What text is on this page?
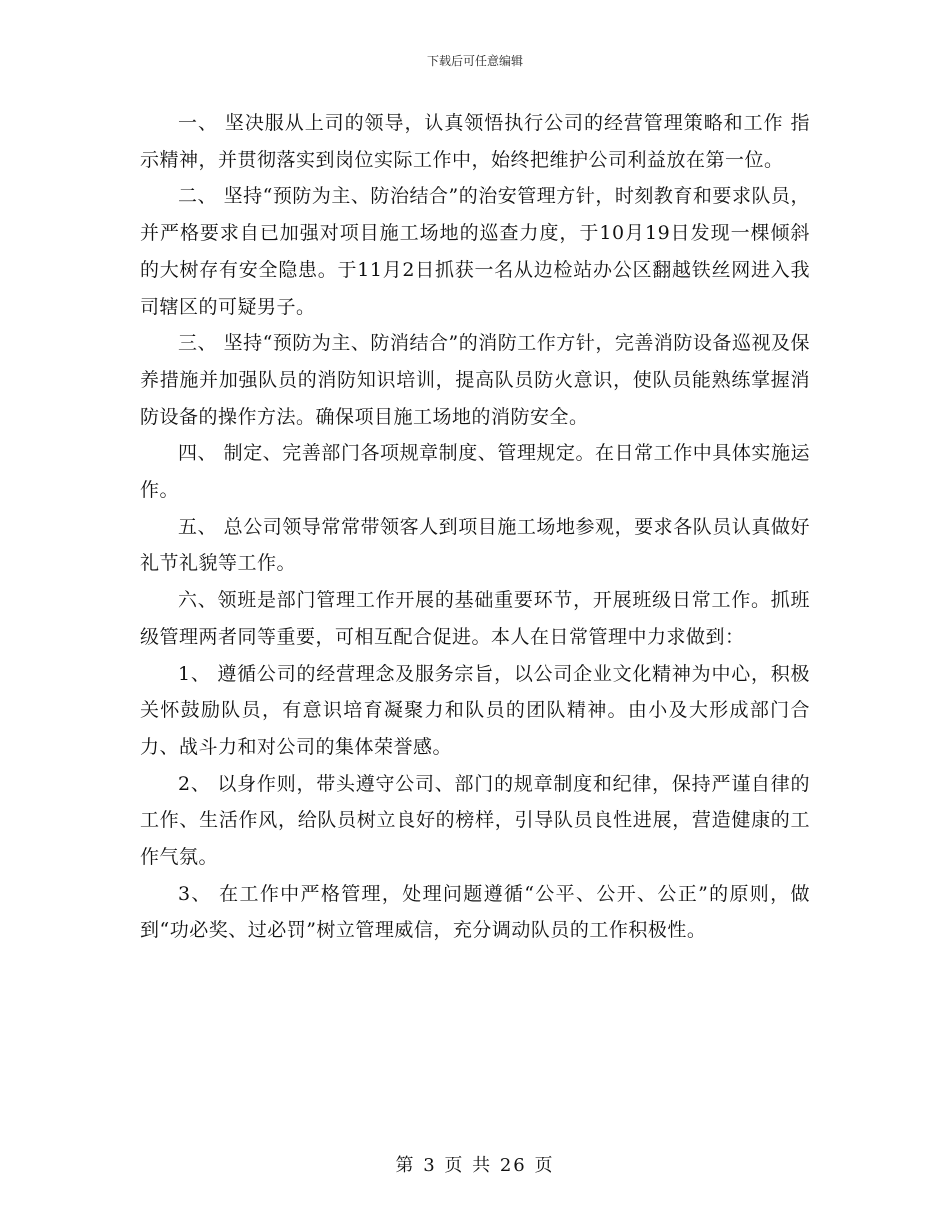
下载后可任意编辑

一、 坚决服从上司的领导，认真领悟执行公司的经营管理策略和工作 指示精神，并贯彻落实到岗位实际工作中，始终把维护公司利益放在第一位。

二、 坚持“预防为主、防治结合”的治安管理方针，时刻教育和要求队员，并严格要求自已加强对项目施工场地的巡查力度，于10月19日发现一棵倾斜的大树存有安全隐患。于11月2日抓获一名从边检站办公区翻越铁丝网进入我司辖区的可疑男子。

三、 坚持“预防为主、防消结合”的消防工作方针，完善消防设备巡视及保养措施并加强队员的消防知识培训，提高队员防火意识，使队员能熟练掌握消防设备的操作方法。确保项目施工场地的消防安全。

四、 制定、完善部门各项规章制度、管理规定。在日常工作中具体实施运作。

五、 总公司领导常常带领客人到项目施工场地参观，要求各队员认真做好礼节礼貌等工作。

六、领班是部门管理工作开展的基础重要环节，开展班级日常工作。抓班级管理两者同等重要，可相互配合促进。本人在日常管理中力求做到：

1、 遵循公司的经营理念及服务宗旨，以公司企业文化精神为中心，积极关怀鼓励队员，有意识培育凝聚力和队员的团队精神。由小及大形成部门合力、战斗力和对公司的集体荣誉感。

2、 以身作则，带头遵守公司、部门的规章制度和纪律，保持严谨自律的工作、生活作风，给队员树立良好的榜样，引导队员良性进展，营造健康的工作气氛。

3、 在工作中严格管理，处理问题遵循“公平、公开、公正”的原则，做到“功必奖、过必罚”树立管理威信，充分调动队员的工作积极性。

第 3 页 共 26 页
